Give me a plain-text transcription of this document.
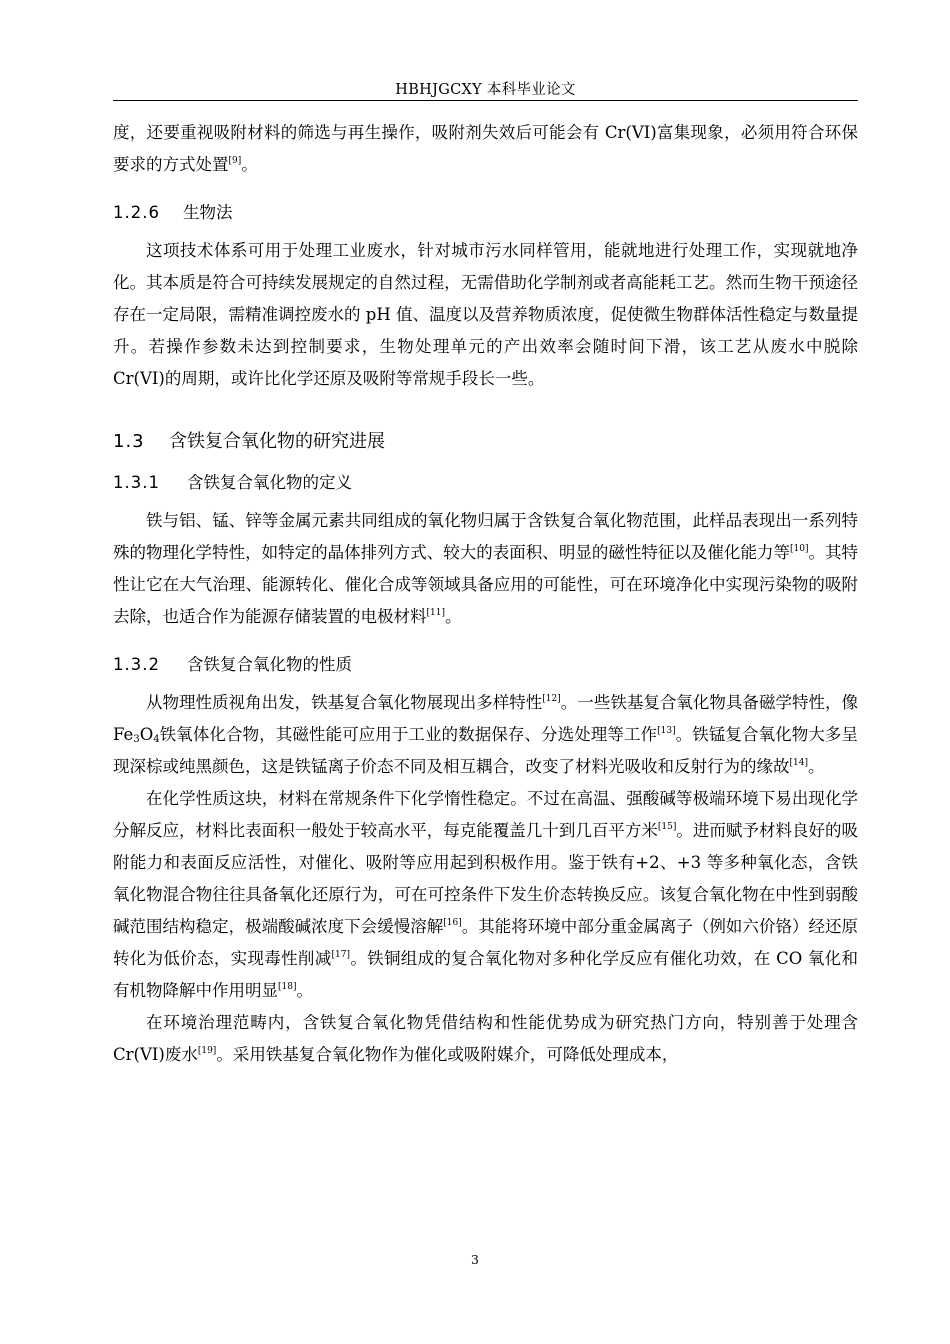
HBHJGCXY 本科毕业论文

度，还要重视吸附材料的筛选与再生操作，吸附剂失效后可能会有 Cr(VI)富集现象，必须用符合环保要求的方式处置[9]。

1.2.6 生物法

这项技术体系可用于处理工业废水，针对城市污水同样管用，能就地进行处理工作，实现就地净化。其本质是符合可持续发展规定的自然过程，无需借助化学制剂或者高能耗工艺。然而生物干预途径存在一定局限，需精准调控废水的 pH 值、温度以及营养物质浓度，促使微生物群体活性稳定与数量提升。若操作参数未达到控制要求，生物处理单元的产出效率会随时间下滑，该工艺从废水中脱除 Cr(VI)的周期，或许比化学还原及吸附等常规手段长一些。

1.3 含铁复合氧化物的研究进展
1.3.1 含铁复合氧化物的定义

铁与铝、锰、锌等金属元素共同组成的氧化物归属于含铁复合氧化物范围，此样品表现出一系列特殊的物理化学特性，如特定的晶体排列方式、较大的表面积、明显的磁性特征以及催化能力等[10]。其特性让它在大气治理、能源转化、催化合成等领域具备应用的可能性，可在环境净化中实现污染物的吸附去除，也适合作为能源存储装置的电极材料[11]。

1.3.2 含铁复合氧化物的性质

从物理性质视角出发，铁基复合氧化物展现出多样特性[12]。一些铁基复合氧化物具备磁学特性，像 $Fe_3O_4$铁氧体化合物，其磁性能可应用于工业的数据保存、分选处理等工作[13]。铁锰复合氧化物大多呈现深棕或纯黑颜色，这是铁锰离子价态不同及相互耦合，改变了材料光吸收和反射行为的缘故[14]。

在化学性质这块，材料在常规条件下化学惰性稳定。不过在高温、强酸碱等极端环境下易出现化学分解反应，材料比表面积一般处于较高水平，每克能覆盖几十到几百平方米[15]。进而赋予材料良好的吸附能力和表面反应活性，对催化、吸附等应用起到积极作用。鉴于铁有+2、+3 等多种氧化态，含铁氧化物混合物往往具备氧化还原行为，可在可控条件下发生价态转换反应。该复合氧化物在中性到弱酸碱范围结构稳定，极端酸碱浓度下会缓慢溶解[16]。其能将环境中部分重金属离子（例如六价铬）经还原转化为低价态，实现毒性削减[17]。铁铜组成的复合氧化物对多种化学反应有催化功效，在 CO 氧化和有机物降解中作用明显[18]。

在环境治理范畴内，含铁复合氧化物凭借结构和性能优势成为研究热门方向，特别善于处理含 Cr(VI)废水[19]。采用铁基复合氧化物作为催化或吸附媒介，可降低处理成本，

3
